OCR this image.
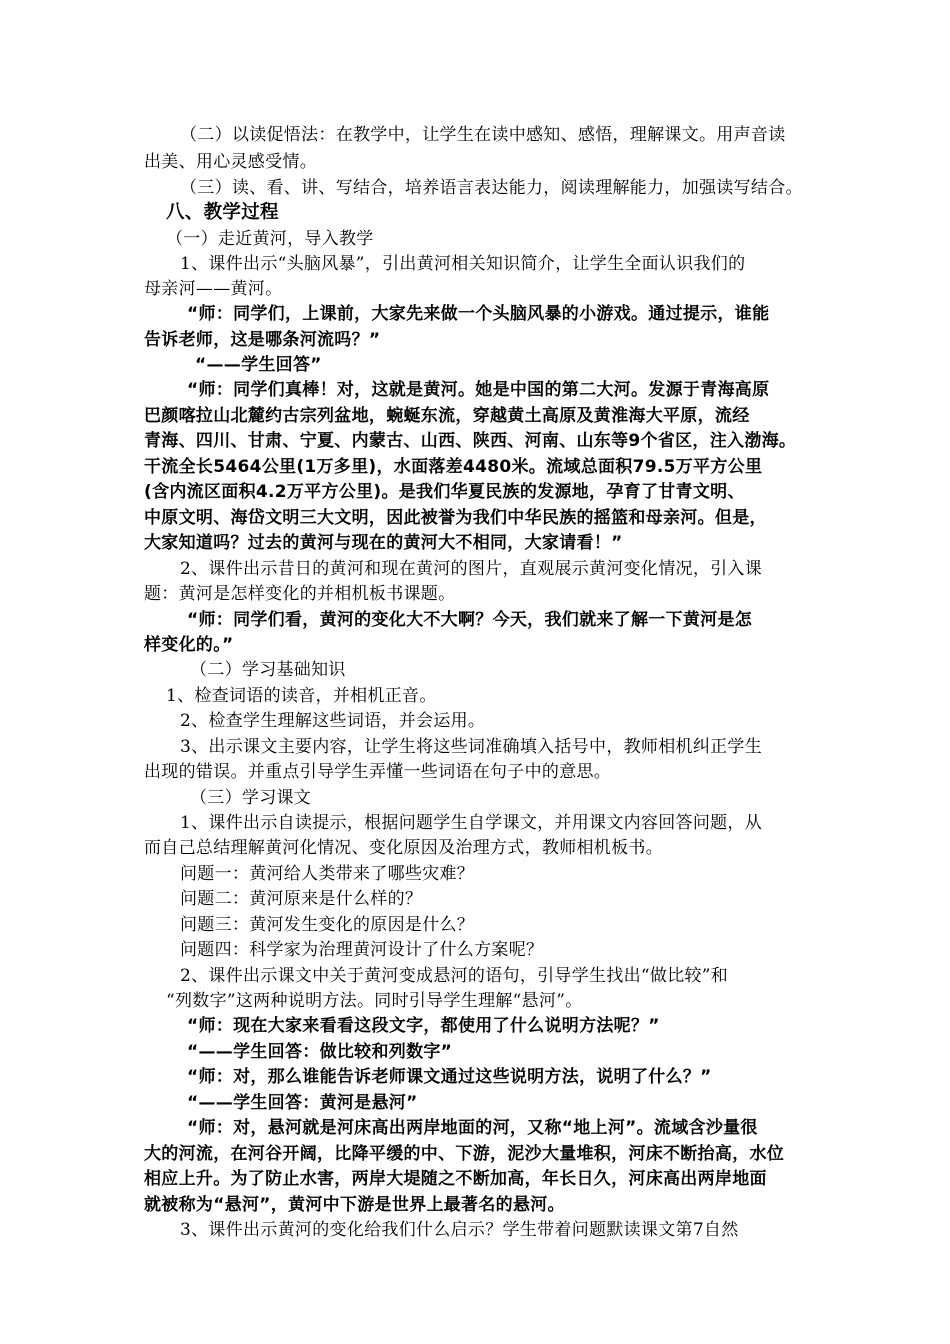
（二）以读促悟法：在教学中，让学生在读中感知、感悟，理解课文。用声音读
出美、用心灵感受情。
（三）读、看、讲、写结合，培养语言表达能力，阅读理解能力，加强读写结合。
八、教学过程
（一）走近黄河，导入教学
1、课件出示“头脑风暴”，引出黄河相关知识简介，让学生全面认识我们的
母亲河——黄河。
“师：同学们，上课前，大家先来做一个头脑风暴的小游戏。通过提示，谁能
告诉老师，这是哪条河流吗？”
“——学生回答”
“师：同学们真棒！对，这就是黄河。她是中国的第二大河。发源于青海高原
巴颜喀拉山北麓约古宗列盆地，蜿蜒东流，穿越黄土高原及黄淮海大平原，流经
青海、四川、甘肃、宁夏、内蒙古、山西、陕西、河南、山东等9个省区，注入渤海。
干流全长5464公里(1万多里)，水面落差4480米。流域总面积79.5万平方公里
(含内流区面积4.2万平方公里)。是我们华夏民族的发源地，孕育了甘青文明、
中原文明、海岱文明三大文明，因此被誉为我们中华民族的摇篮和母亲河。但是，
大家知道吗？过去的黄河与现在的黄河大不相同，大家请看！”
2、课件出示昔日的黄河和现在黄河的图片，直观展示黄河变化情况，引入课
题：黄河是怎样变化的并相机板书课题。
“师：同学们看，黄河的变化大不大啊？今天，我们就来了解一下黄河是怎
样变化的。”
（二）学习基础知识
1、检查词语的读音，并相机正音。
2、检查学生理解这些词语，并会运用。
3、出示课文主要内容，让学生将这些词准确填入括号中，教师相机纠正学生
出现的错误。并重点引导学生弄懂一些词语在句子中的意思。
（三）学习课文
1、课件出示自读提示，根据问题学生自学课文，并用课文内容回答问题，从
而自己总结理解黄河化情况、变化原因及治理方式，教师相机板书。
问题一：黄河给人类带来了哪些灾难？
问题二：黄河原来是什么样的？
问题三：黄河发生变化的原因是什么？
问题四：科学家为治理黄河设计了什么方案呢？
2、课件出示课文中关于黄河变成悬河的语句，引导学生找出“做比较”和
“列数字”这两种说明方法。同时引导学生理解“悬河”。
“师：现在大家来看看这段文字，都使用了什么说明方法呢？”
“——学生回答：做比较和列数字”
“师：对，那么谁能告诉老师课文通过这些说明方法，说明了什么？”
“——学生回答：黄河是悬河”
“师：对，悬河就是河床高出两岸地面的河，又称“地上河”。流域含沙量很
大的河流，在河谷开阔，比降平缓的中、下游，泥沙大量堆积，河床不断抬高，水位
相应上升。为了防止水害，两岸大堤随之不断加高，年长日久，河床高出两岸地面
就被称为“悬河”，黄河中下游是世界上最著名的悬河。
3、课件出示黄河的变化给我们什么启示？学生带着问题默读课文第7自然
